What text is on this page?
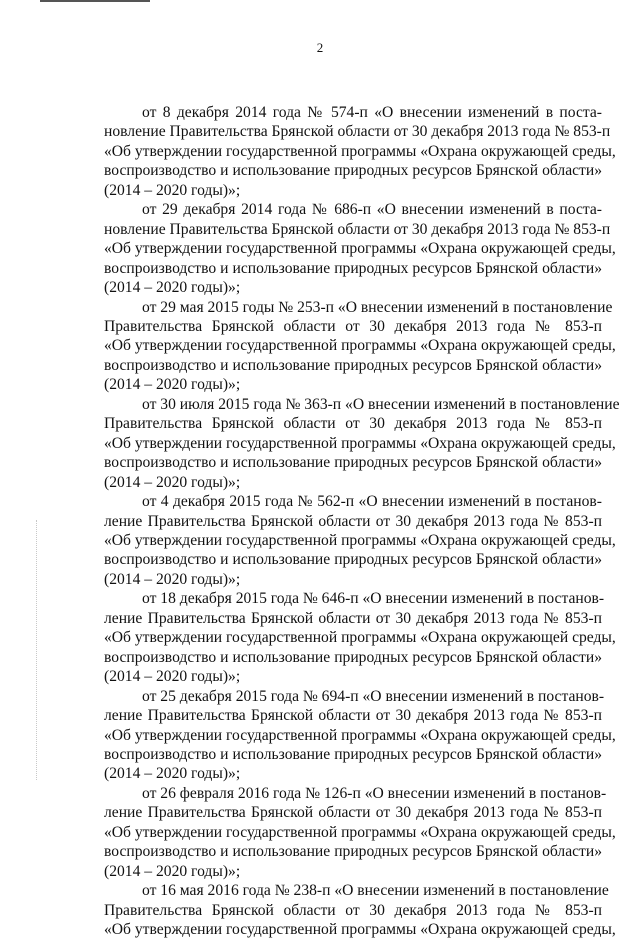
2

от 8 декабря 2014 года № 574-п «О внесении изменений в поста-
новление Правительства Брянской области от 30 декабря 2013 года № 853-п
«Об утверждении государственной программы «Охрана окружающей среды,
воспроизводство и использование природных ресурсов Брянской области»
(2014 – 2020 годы)»;

от 29 декабря 2014 года № 686-п «О внесении изменений в поста-
новление Правительства Брянской области от 30 декабря 2013 года № 853-п
«Об утверждении государственной программы «Охрана окружающей среды,
воспроизводство и использование природных ресурсов Брянской области»
(2014 – 2020 годы)»;

от 29 мая 2015 годы № 253-п «О внесении изменений в постановление
Правительства Брянской области от 30 декабря 2013 года № 853-п
«Об утверждении государственной программы «Охрана окружающей среды,
воспроизводство и использование природных ресурсов Брянской области»
(2014 – 2020 годы)»;

от 30 июля 2015 года № 363-п «О внесении изменений в постановление
Правительства Брянской области от 30 декабря 2013 года № 853-п
«Об утверждении государственной программы «Охрана окружающей среды,
воспроизводство и использование природных ресурсов Брянской области»
(2014 – 2020 годы)»;

от 4 декабря 2015 года № 562-п «О внесении изменений в постанов-
ление Правительства Брянской области от 30 декабря 2013 года № 853-п
«Об утверждении государственной программы «Охрана окружающей среды,
воспроизводство и использование природных ресурсов Брянской области»
(2014 – 2020 годы)»;

от 18 декабря 2015 года № 646-п «О внесении изменений в постанов-
ление Правительства Брянской области от 30 декабря 2013 года № 853-п
«Об утверждении государственной программы «Охрана окружающей среды,
воспроизводство и использование природных ресурсов Брянской области»
(2014 – 2020 годы)»;

от 25 декабря 2015 года № 694-п «О внесении изменений в постанов-
ление Правительства Брянской области от 30 декабря 2013 года № 853-п
«Об утверждении государственной программы «Охрана окружающей среды,
воспроизводство и использование природных ресурсов Брянской области»
(2014 – 2020 годы)»;

от 26 февраля 2016 года № 126-п «О внесении изменений в постанов-
ление Правительства Брянской области от 30 декабря 2013 года № 853-п
«Об утверждении государственной программы «Охрана окружающей среды,
воспроизводство и использование природных ресурсов Брянской области»
(2014 – 2020 годы)»;

от 16 мая 2016 года № 238-п «О внесении изменений в постановление
Правительства Брянской области от 30 декабря 2013 года № 853-п
«Об утверждении государственной программы «Охрана окружающей среды,
